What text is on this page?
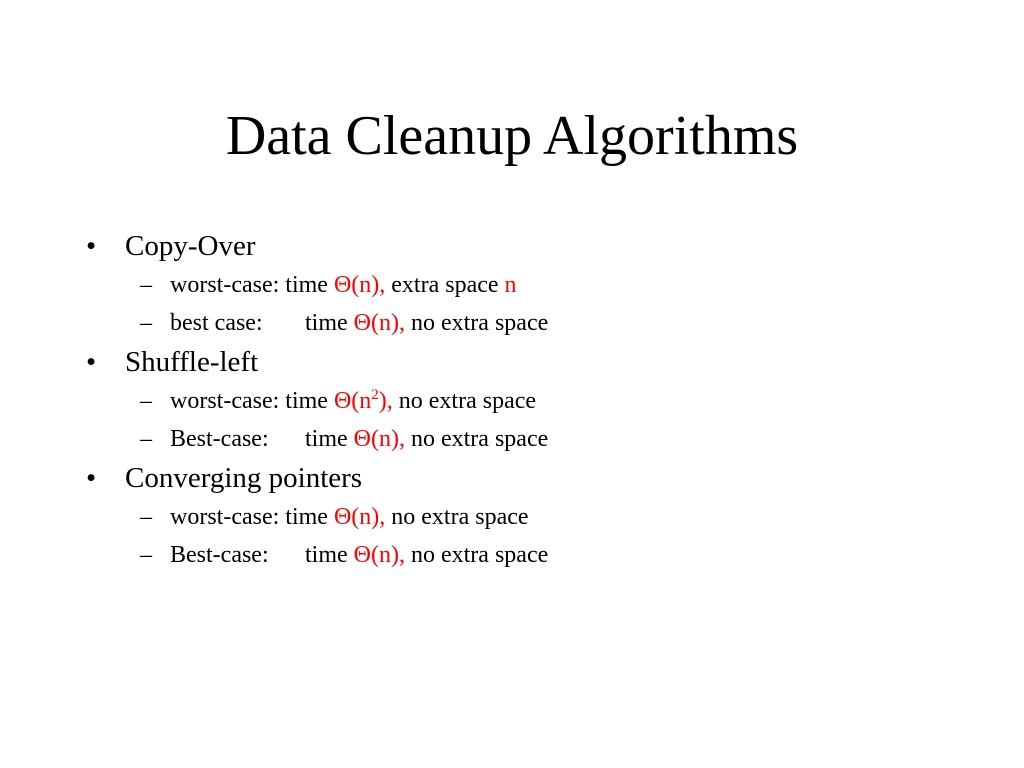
Data Cleanup Algorithms
• Copy-Over
– worst-case: time Θ(n), extra space n
– best case: time Θ(n), no extra space
• Shuffle-left
– worst-case: time $\Theta(n^2)$, no extra space
– Best-case: time Θ(n), no extra space
• Converging pointers
– worst-case: time Θ(n), no extra space
– Best-case: time Θ(n), no extra space
